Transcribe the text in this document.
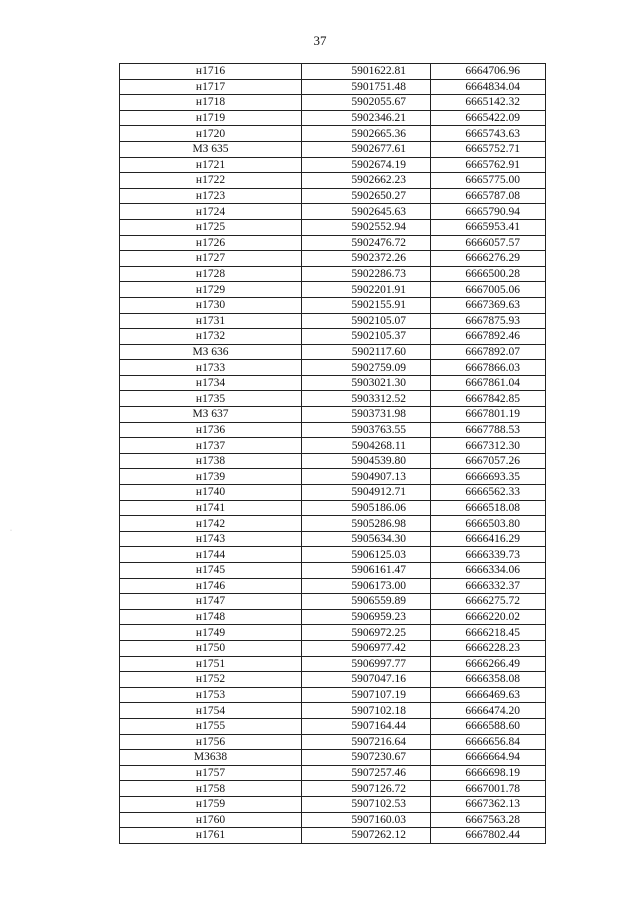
37
н1716	5901622.81	6664706.96
н1717	5901751.48	6664834.04
н1718	5902055.67	6665142.32
н1719	5902346.21	6665422.09
н1720	5902665.36	6665743.63
МЗ 635	5902677.61	6665752.71
н1721	5902674.19	6665762.91
н1722	5902662.23	6665775.00
н1723	5902650.27	6665787.08
н1724	5902645.63	6665790.94
н1725	5902552.94	6665953.41
н1726	5902476.72	6666057.57
н1727	5902372.26	6666276.29
н1728	5902286.73	6666500.28
н1729	5902201.91	6667005.06
н1730	5902155.91	6667369.63
н1731	5902105.07	6667875.93
н1732	5902105.37	6667892.46
МЗ 636	5902117.60	6667892.07
н1733	5902759.09	6667866.03
н1734	5903021.30	6667861.04
н1735	5903312.52	6667842.85
МЗ 637	5903731.98	6667801.19
н1736	5903763.55	6667788.53
н1737	5904268.11	6667312.30
н1738	5904539.80	6667057.26
н1739	5904907.13	6666693.35
н1740	5904912.71	6666562.33
н1741	5905186.06	6666518.08
н1742	5905286.98	6666503.80
н1743	5905634.30	6666416.29
н1744	5906125.03	6666339.73
н1745	5906161.47	6666334.06
н1746	5906173.00	6666332.37
н1747	5906559.89	6666275.72
н1748	5906959.23	6666220.02
н1749	5906972.25	6666218.45
н1750	5906977.42	6666228.23
н1751	5906997.77	6666266.49
н1752	5907047.16	6666358.08
н1753	5907107.19	6666469.63
н1754	5907102.18	6666474.20
н1755	5907164.44	6666588.60
н1756	5907216.64	6666656.84
МЗ638	5907230.67	6666664.94
н1757	5907257.46	6666698.19
н1758	5907126.72	6667001.78
н1759	5907102.53	6667362.13
н1760	5907160.03	6667563.28
н1761	5907262.12	6667802.44
·
